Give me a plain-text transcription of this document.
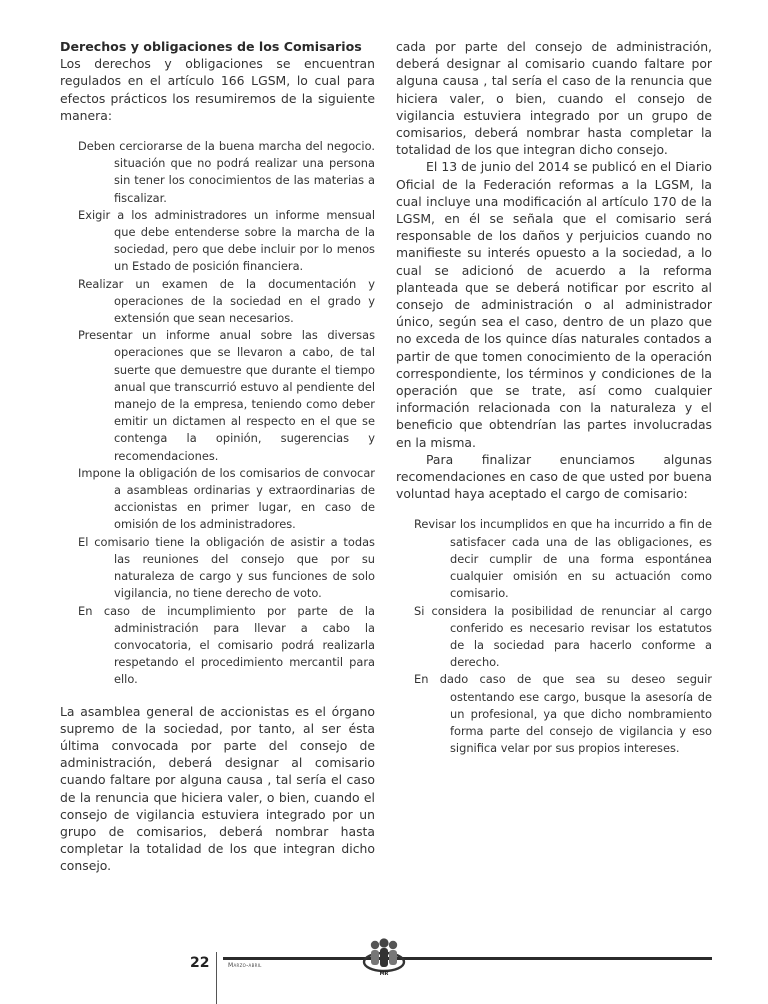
Derechos y obligaciones de los Comisarios

Los derechos y obligaciones se encuentran regulados en el artículo 166 LGSM, lo cual para efectos prácticos los resumiremos de la siguiente manera:

Deben cerciorarse de la buena marcha del negocio. situación que no podrá realizar una persona sin tener los conocimientos de las materias a fiscalizar.

Exigir a los administradores un informe mensual que debe entenderse sobre la marcha de la sociedad, pero que debe incluir por lo menos un Estado de posición financiera.

Realizar un examen de la documentación y operaciones de la sociedad en el grado y extensión que sean necesarios.

Presentar un informe anual sobre las diversas operaciones que se llevaron a cabo, de tal suerte que demuestre que durante el tiempo anual que transcurrió estuvo al pendiente del manejo de la empresa, teniendo como deber emitir un dictamen al respecto en el que se contenga la opinión, sugerencias y recomendaciones.

Impone la obligación de los comisarios de convocar a asambleas ordinarias y extraordinarias de accionistas en primer lugar, en caso de omisión de los administradores.

El comisario tiene la obligación de asistir a todas las reuniones del consejo que por su naturaleza de cargo y sus funciones de solo vigilancia, no tiene derecho de voto.

En caso de incumplimiento por parte de la administración para llevar a cabo la convocatoria, el comisario podrá realizarla respetando el procedimiento mercantil para ello.

La asamblea general de accionistas es el órgano supremo de la sociedad, por tanto, al ser ésta última convocada por parte del consejo de administración, deberá designar al comisario cuando faltare por alguna causa , tal sería el caso de la renuncia que hiciera valer, o bien, cuando el consejo de vigilancia estuviera integrado por un grupo de comisarios, deberá nombrar hasta completar la totalidad de los que integran dicho consejo.

cada por parte del consejo de administración, deberá designar al comisario cuando faltare por alguna causa , tal sería el caso de la renuncia que hiciera valer, o bien, cuando el consejo de vigilancia estuviera integrado por un grupo de comisarios, deberá nombrar hasta completar la totalidad de los que integran dicho consejo.

El 13 de junio del 2014 se publicó en el Diario Oficial de la Federación reformas a la LGSM, la cual incluye una modificación al artículo 170 de la LGSM, en él se señala que el comisario será responsable de los daños y perjuicios cuando no manifieste su interés opuesto a la sociedad, a lo cual se adicionó de acuerdo a la reforma planteada que se deberá notificar por escrito al consejo de administración o al administrador único, según sea el caso, dentro de un plazo que no exceda de los quince días naturales contados a partir de que tomen conocimiento de la operación correspondiente, los términos y condiciones de la operación que se trate, así como cualquier información relacionada con la naturaleza y el beneficio que obtendrían las partes involucradas en la misma.

Para finalizar enunciamos algunas recomendaciones en caso de que usted por buena voluntad haya aceptado el cargo de comisario:

Revisar los incumplidos en que ha incurrido a fin de satisfacer cada una de las obligaciones, es decir cumplir de una forma espontánea cualquier omisión en su actuación como comisario.

Si considera la posibilidad de renunciar al cargo conferido es necesario revisar los estatutos de la sociedad para hacerlo conforme a derecho.

En dado caso de que sea su deseo seguir ostentando ese cargo, busque la asesoría de un profesional, ya que dicho nombramiento forma parte del consejo de vigilancia y eso significa velar por sus propios intereses.

22	Marzo-abril
MR
